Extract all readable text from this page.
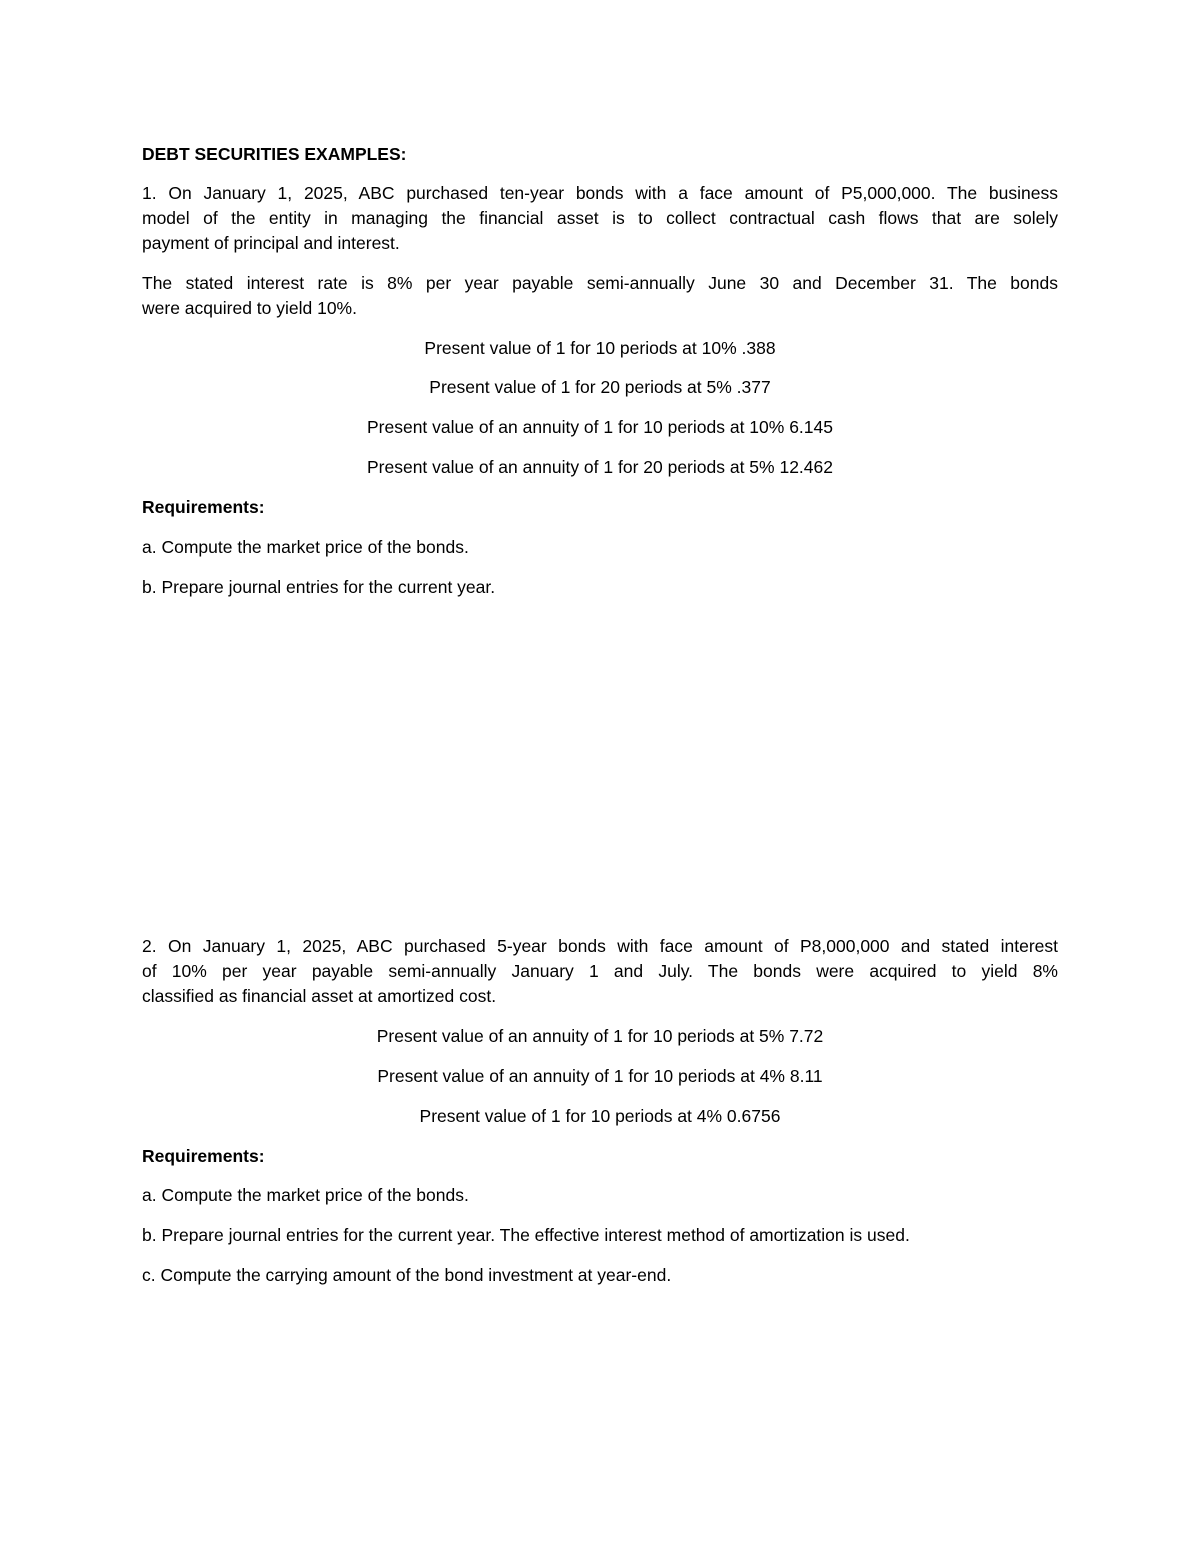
DEBT SECURITIES EXAMPLES:
1. On January 1, 2025, ABC purchased ten-year bonds with a face amount of P5,000,000. The business
model of the entity in managing the financial asset is to collect contractual cash flows that are solely
payment of principal and interest.
The stated interest rate is 8% per year payable semi-annually June 30 and December 31. The bonds
were acquired to yield 10%.
Present value of 1 for 10 periods at 10% .388
Present value of 1 for 20 periods at 5% .377
Present value of an annuity of 1 for 10 periods at 10% 6.145
Present value of an annuity of 1 for 20 periods at 5% 12.462
Requirements:
a. Compute the market price of the bonds.
b. Prepare journal entries for the current year.
2. On January 1, 2025, ABC purchased 5-year bonds with face amount of P8,000,000 and stated interest
of 10% per year payable semi-annually January 1 and July. The bonds were acquired to yield 8%
classified as financial asset at amortized cost.
Present value of an annuity of 1 for 10 periods at 5% 7.72
Present value of an annuity of 1 for 10 periods at 4% 8.11
Present value of 1 for 10 periods at 4% 0.6756
Requirements:
a. Compute the market price of the bonds.
b. Prepare journal entries for the current year. The effective interest method of amortization is used.
c. Compute the carrying amount of the bond investment at year-end.
